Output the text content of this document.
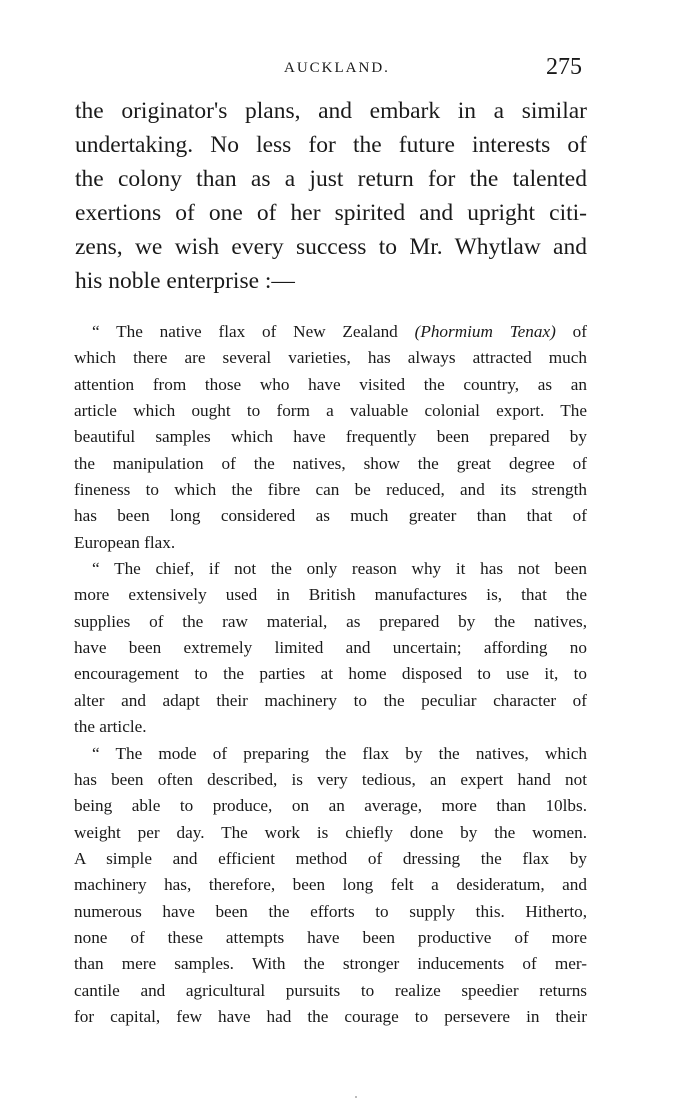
AUCKLAND.	275
the originator's plans, and embark in a similar
undertaking. No less for the future interests of
the colony than as a just return for the talented
exertions of one of her spirited and upright citi-
zens, we wish every success to Mr. Whytlaw and
his noble enterprise :—
“ The native flax of New Zealand (Phormium Tenax) of
which there are several varieties, has always attracted much
attention from those who have visited the country, as an
article which ought to form a valuable colonial export. The
beautiful samples which have frequently been prepared by
the manipulation of the natives, show the great degree of
fineness to which the fibre can be reduced, and its strength
has been long considered as much greater than that of
European flax.
“ The chief, if not the only reason why it has not been
more extensively used in British manufactures is, that the
supplies of the raw material, as prepared by the natives,
have been extremely limited and uncertain; affording no
encouragement to the parties at home disposed to use it, to
alter and adapt their machinery to the peculiar character of
the article.
“ The mode of preparing the flax by the natives, which
has been often described, is very tedious, an expert hand not
being able to produce, on an average, more than 10lbs.
weight per day. The work is chiefly done by the women.
A simple and efficient method of dressing the flax by
machinery has, therefore, been long felt a desideratum, and
numerous have been the efforts to supply this. Hitherto,
none of these attempts have been productive of more
than mere samples. With the stronger inducements of mer-
cantile and agricultural pursuits to realize speedier returns
for capital, few have had the courage to persevere in their
